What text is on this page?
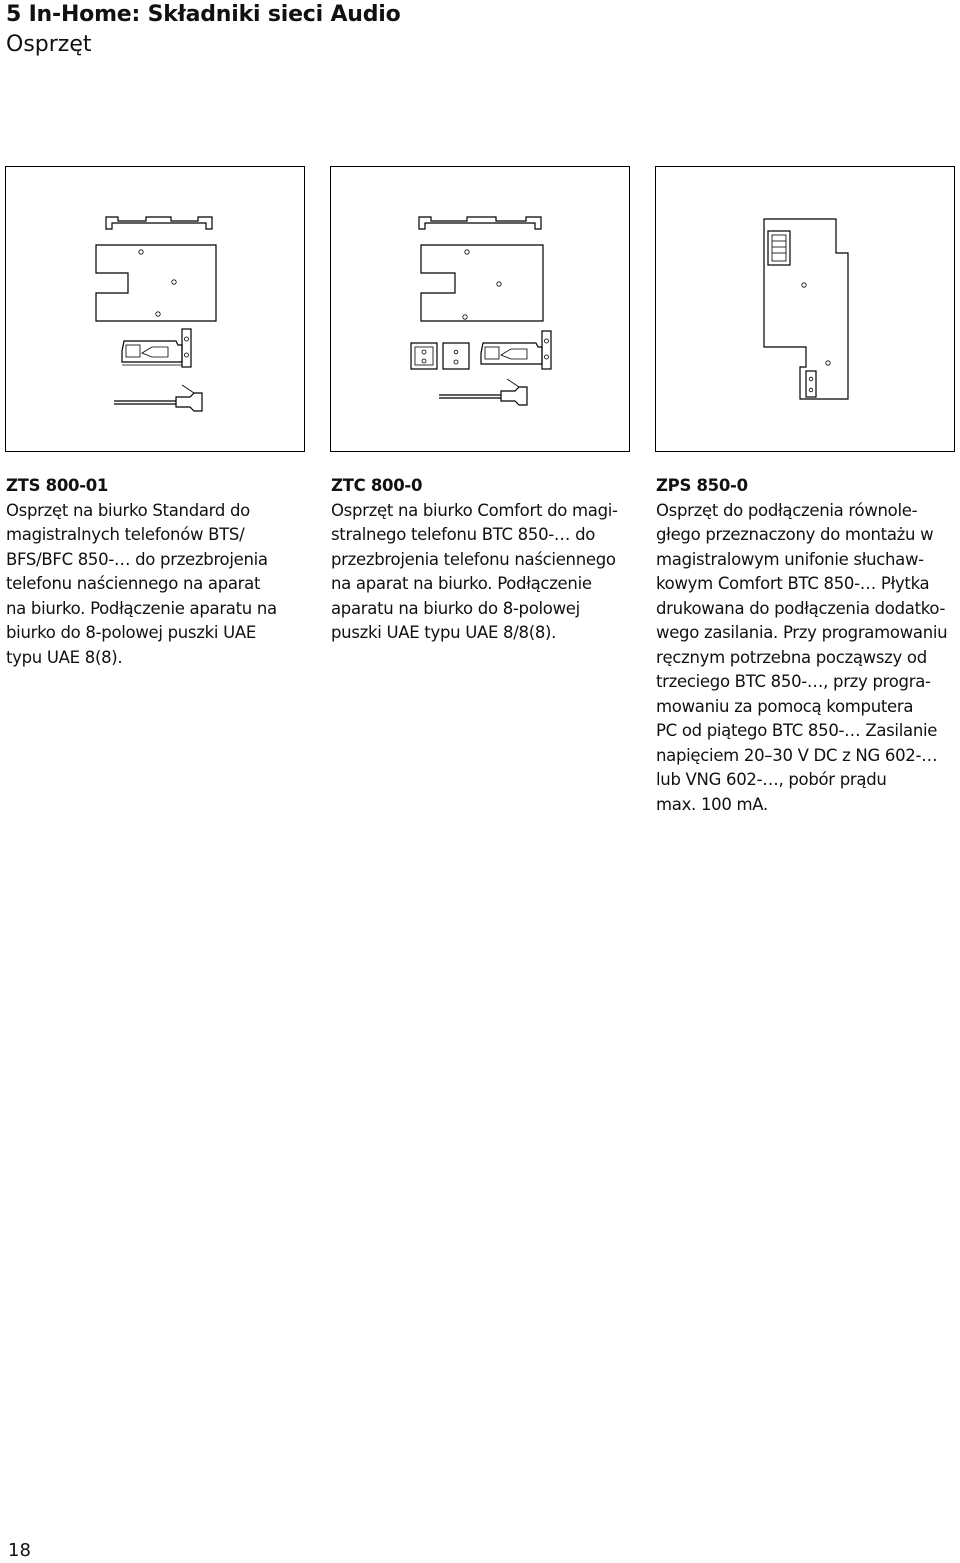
5 In-Home: Składniki sieci Audio
Osprzęt
ZTS 800-01
Osprzęt na biurko Standard do
magistralnych telefonów BTS/
BFS/BFC 850-… do przezbrojenia
telefonu naściennego na aparat
na biurko. Podłączenie aparatu na
biurko do 8-polowej puszki UAE
typu UAE 8(8).
ZTC 800-0
Osprzęt na biurko Comfort do magi-
stralnego telefonu BTC 850-… do
przezbrojenia telefonu naściennego
na aparat na biurko. Podłączenie
aparatu na biurko do 8-polowej
puszki UAE typu UAE 8/8(8).
ZPS 850-0
Osprzęt do podłączenia równole-
głego przeznaczony do montażu w
magistralowym unifonie słuchaw-
kowym Comfort BTC 850-… Płytka
drukowana do podłączenia dodatko-
wego zasilania. Przy programowaniu
ręcznym potrzebna począwszy od
trzeciego BTC 850-…, przy progra-
mowaniu za pomocą komputera
PC od piątego BTC 850-… Zasilanie
napięciem 20–30 V DC z NG 602-…
lub VNG 602-…, pobór prądu
max. 100 mA.
18
